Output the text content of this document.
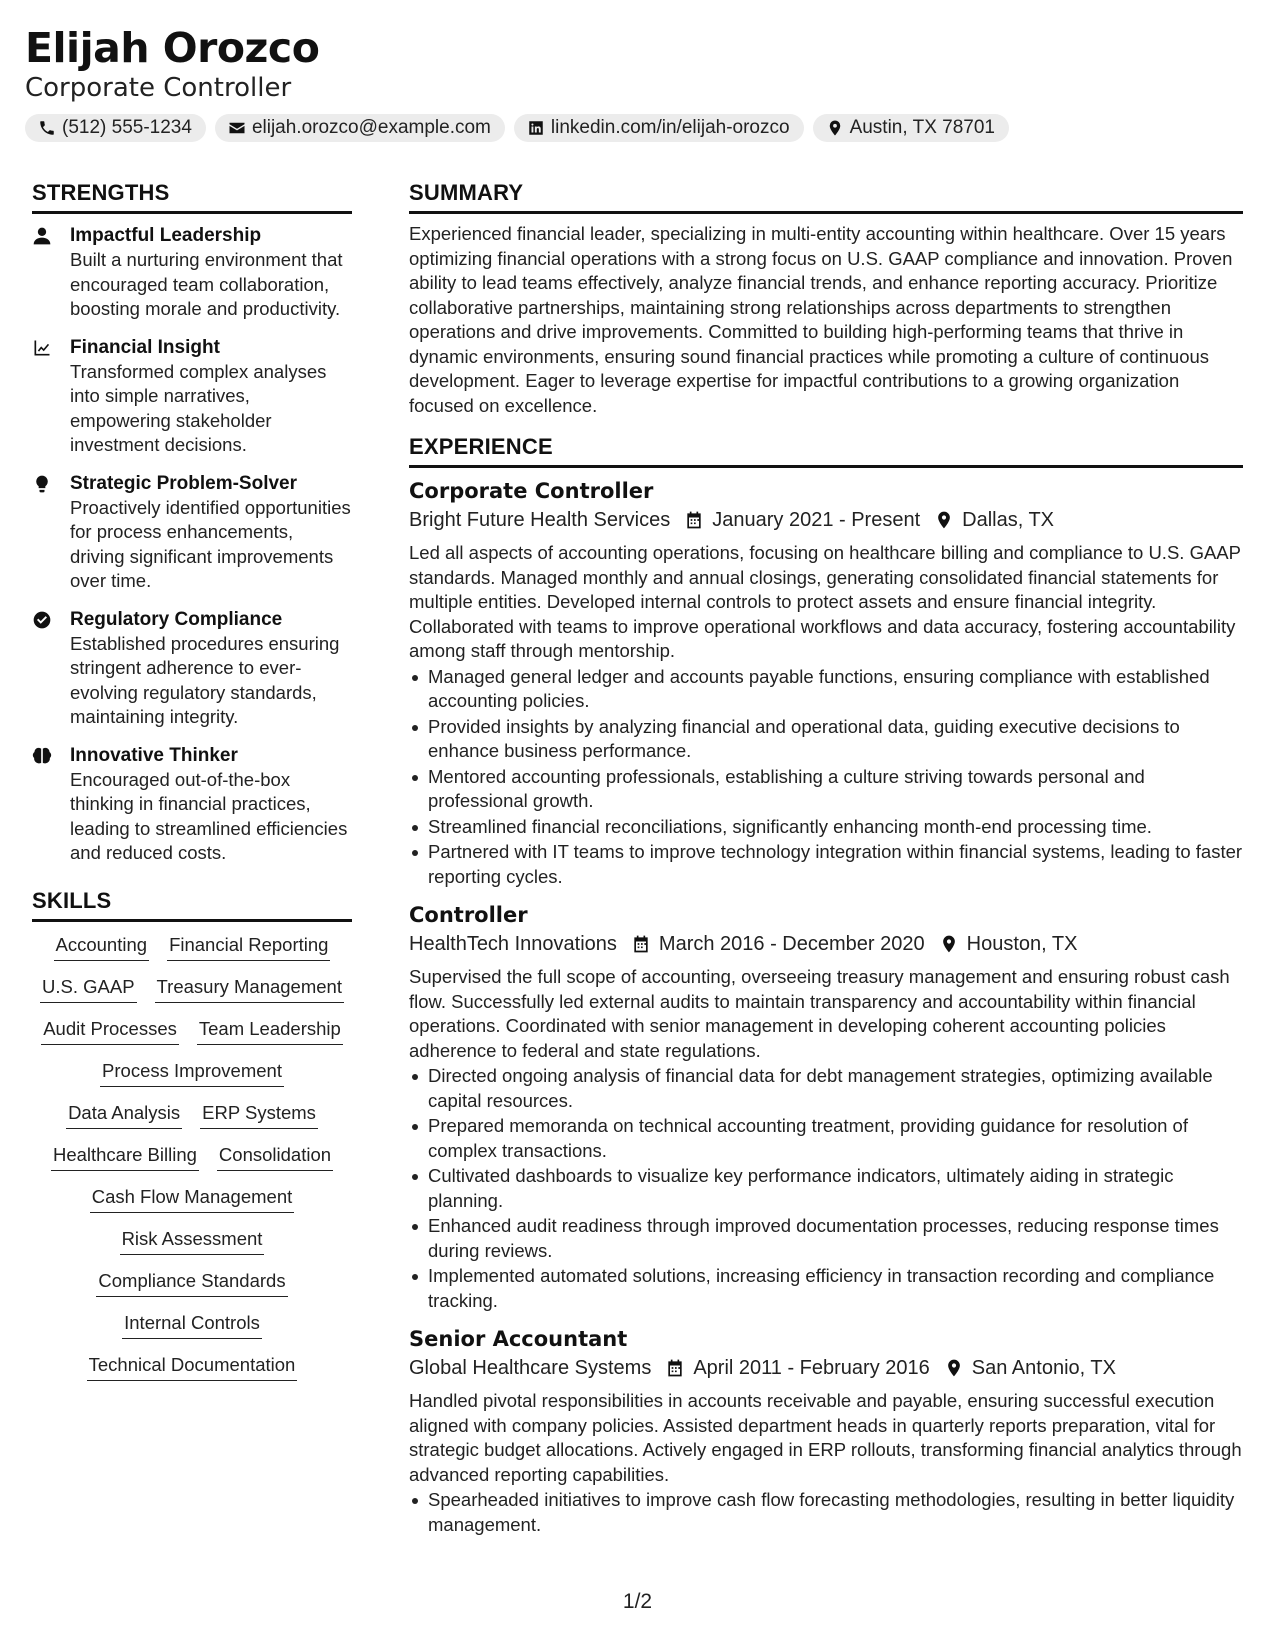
Elijah Orozco
Corporate Controller
(512) 555-1234	elijah.orozco@example.com	linkedin.com/in/elijah-orozco	Austin, TX 78701
STRENGTHS
Impactful Leadership
Built a nurturing environment that encouraged team collaboration, boosting morale and productivity.
Financial Insight
Transformed complex analyses into simple narratives, empowering stakeholder investment decisions.
Strategic Problem-Solver
Proactively identified opportunities for process enhancements, driving significant improvements over time.
Regulatory Compliance
Established procedures ensuring stringent adherence to ever-evolving regulatory standards, maintaining integrity.
Innovative Thinker
Encouraged out-of-the-box thinking in financial practices, leading to streamlined efficiencies and reduced costs.
SKILLS
Accounting Financial Reporting
U.S. GAAP Treasury Management
Audit Processes Team Leadership
Process Improvement
Data Analysis ERP Systems
Healthcare Billing Consolidation
Cash Flow Management
Risk Assessment
Compliance Standards
Internal Controls
Technical Documentation
SUMMARY
Experienced financial leader, specializing in multi-entity accounting within healthcare. Over 15 years optimizing financial operations with a strong focus on U.S. GAAP compliance and innovation. Proven ability to lead teams effectively, analyze financial trends, and enhance reporting accuracy. Prioritize collaborative partnerships, maintaining strong relationships across departments to strengthen operations and drive improvements. Committed to building high-performing teams that thrive in dynamic environments, ensuring sound financial practices while promoting a culture of continuous development. Eager to leverage expertise for impactful contributions to a growing organization focused on excellence.
EXPERIENCE
Corporate Controller
Bright Future Health Services January 2021 - Present Dallas, TX
Led all aspects of accounting operations, focusing on healthcare billing and compliance to U.S. GAAP standards. Managed monthly and annual closings, generating consolidated financial statements for multiple entities. Developed internal controls to protect assets and ensure financial integrity. Collaborated with teams to improve operational workflows and data accuracy, fostering accountability among staff through mentorship.
Managed general ledger and accounts payable functions, ensuring compliance with established accounting policies.
Provided insights by analyzing financial and operational data, guiding executive decisions to enhance business performance.
Mentored accounting professionals, establishing a culture striving towards personal and professional growth.
Streamlined financial reconciliations, significantly enhancing month-end processing time.
Partnered with IT teams to improve technology integration within financial systems, leading to faster reporting cycles.
Controller
HealthTech Innovations March 2016 - December 2020 Houston, TX
Supervised the full scope of accounting, overseeing treasury management and ensuring robust cash flow. Successfully led external audits to maintain transparency and accountability within financial operations. Coordinated with senior management in developing coherent accounting policies adherence to federal and state regulations.
Directed ongoing analysis of financial data for debt management strategies, optimizing available capital resources.
Prepared memoranda on technical accounting treatment, providing guidance for resolution of complex transactions.
Cultivated dashboards to visualize key performance indicators, ultimately aiding in strategic planning.
Enhanced audit readiness through improved documentation processes, reducing response times during reviews.
Implemented automated solutions, increasing efficiency in transaction recording and compliance tracking.
Senior Accountant
Global Healthcare Systems April 2011 - February 2016 San Antonio, TX
Handled pivotal responsibilities in accounts receivable and payable, ensuring successful execution aligned with company policies. Assisted department heads in quarterly reports preparation, vital for strategic budget allocations. Actively engaged in ERP rollouts, transforming financial analytics through advanced reporting capabilities.
Spearheaded initiatives to improve cash flow forecasting methodologies, resulting in better liquidity management.
1/2
